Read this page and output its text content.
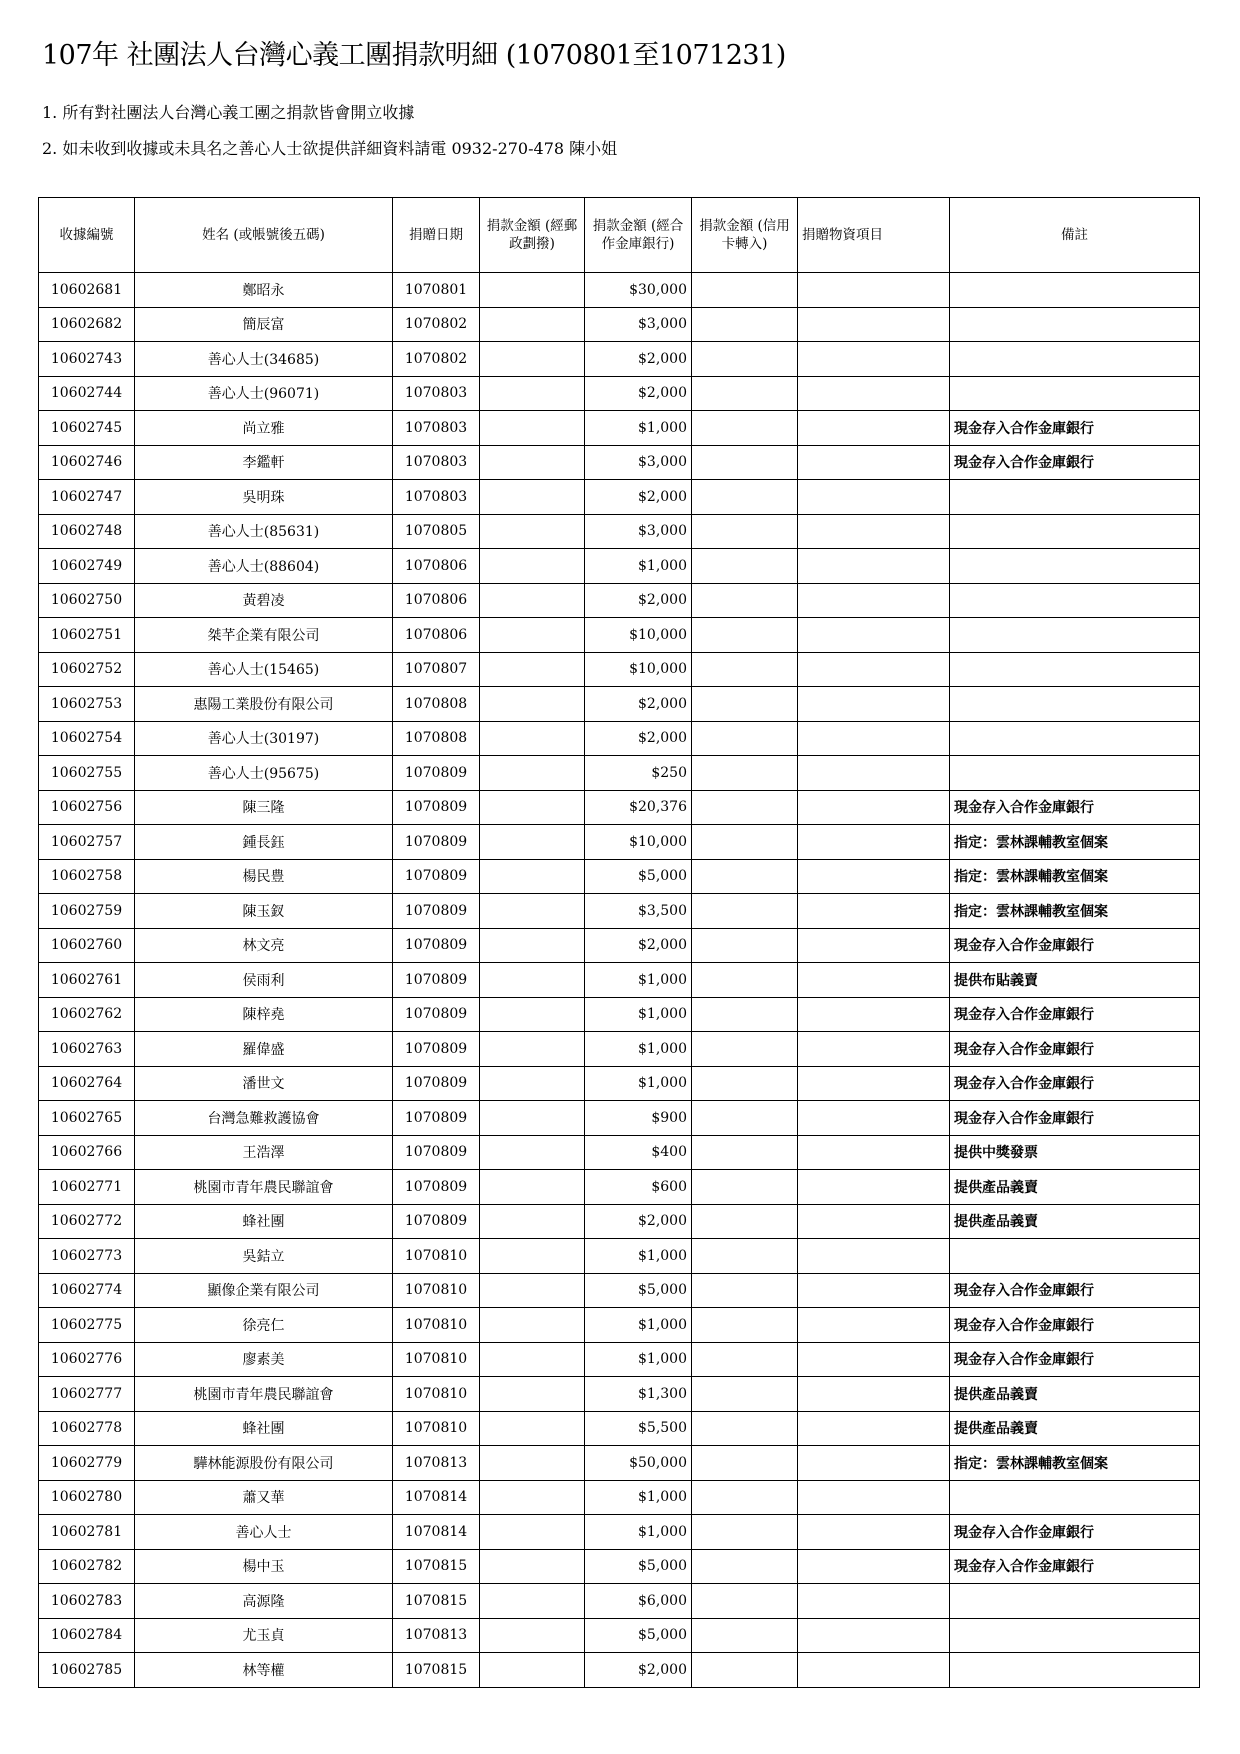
107年 社團法人台灣心義工團捐款明細 (1070801至1071231)
1. 所有對社團法人台灣心義工團之捐款皆會開立收據
2. 如未收到收據或未具名之善心人士欲提供詳細資料請電 0932-270-478 陳小姐
收據編號	姓名 (或帳號後五碼)	捐贈日期	捐款金額 (經郵政劃撥)	捐款金額 (經合作金庫銀行)	捐款金額 (信用卡轉入)	捐贈物資項目	備註
10602681	鄭昭永	1070801		$30,000			
10602682	簡辰富	1070802		$3,000			
10602743	善心人士(34685)	1070802		$2,000			
10602744	善心人士(96071)	1070803		$2,000			
10602745	尚立雅	1070803		$1,000			現金存入合作金庫銀行
10602746	李鑑軒	1070803		$3,000			現金存入合作金庫銀行
10602747	吳明珠	1070803		$2,000			
10602748	善心人士(85631)	1070805		$3,000			
10602749	善心人士(88604)	1070806		$1,000			
10602750	黃碧凌	1070806		$2,000			
10602751	桀芊企業有限公司	1070806		$10,000			
10602752	善心人士(15465)	1070807		$10,000			
10602753	惠陽工業股份有限公司	1070808		$2,000			
10602754	善心人士(30197)	1070808		$2,000			
10602755	善心人士(95675)	1070809		$250			
10602756	陳三隆	1070809		$20,376			現金存入合作金庫銀行
10602757	鍾長鈺	1070809		$10,000			指定：雲林課輔教室個案
10602758	楊民豊	1070809		$5,000			指定：雲林課輔教室個案
10602759	陳玉釵	1070809		$3,500			指定：雲林課輔教室個案
10602760	林文亮	1070809		$2,000			現金存入合作金庫銀行
10602761	侯雨利	1070809		$1,000			提供布貼義賣
10602762	陳梓堯	1070809		$1,000			現金存入合作金庫銀行
10602763	羅偉盛	1070809		$1,000			現金存入合作金庫銀行
10602764	潘世文	1070809		$1,000			現金存入合作金庫銀行
10602765	台灣急難救護協會	1070809		$900			現金存入合作金庫銀行
10602766	王浩澤	1070809		$400			提供中獎發票
10602771	桃園市青年農民聯誼會	1070809		$600			提供產品義賣
10602772	蜂社團	1070809		$2,000			提供產品義賣
10602773	吳銡立	1070810		$1,000			
10602774	顯像企業有限公司	1070810		$5,000			現金存入合作金庫銀行
10602775	徐亮仁	1070810		$1,000			現金存入合作金庫銀行
10602776	廖素美	1070810		$1,000			現金存入合作金庫銀行
10602777	桃園市青年農民聯誼會	1070810		$1,300			提供產品義賣
10602778	蜂社團	1070810		$5,500			提供產品義賣
10602779	驊林能源股份有限公司	1070813		$50,000			指定：雲林課輔教室個案
10602780	蕭又華	1070814		$1,000			
10602781	善心人士	1070814		$1,000			現金存入合作金庫銀行
10602782	楊中玉	1070815		$5,000			現金存入合作金庫銀行
10602783	高源隆	1070815		$6,000			
10602784	尤玉貞	1070813		$5,000			
10602785	林等權	1070815		$2,000			
